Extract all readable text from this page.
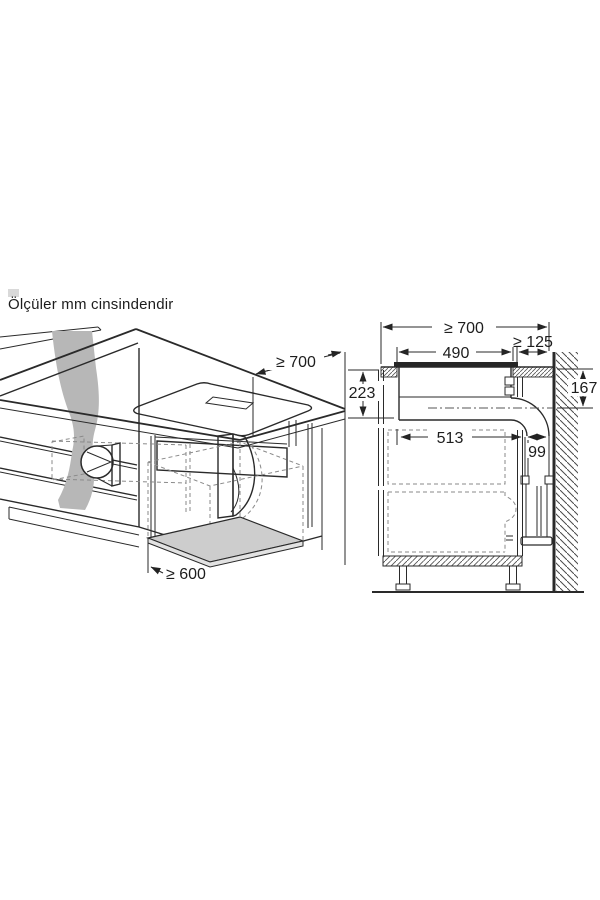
Ölçüler mm cinsindendir
≥ 700
≥ 600
≥ 700
490
≥ 125
223	167
513
99
